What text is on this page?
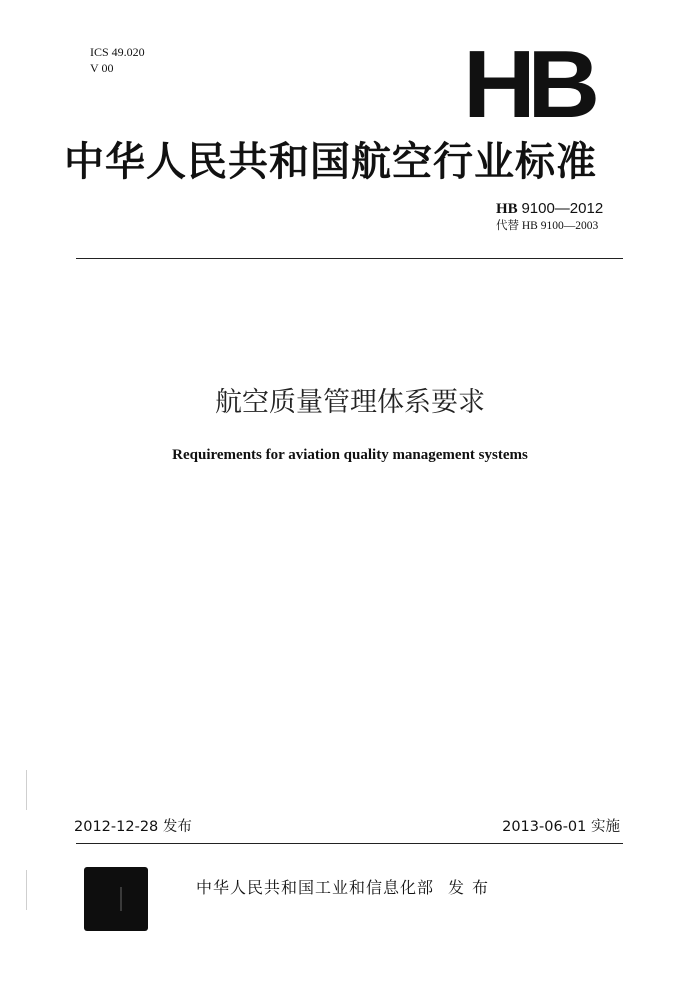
ICS 49.020
V 00	HB
中华人民共和国航空行业标准
HB 9100—2012
代替 HB 9100—2003
航空质量管理体系要求
Requirements for aviation quality management systems
2012-12-28 发布	2013-06-01 实施
中华人民共和国工业和信息化部 发布
